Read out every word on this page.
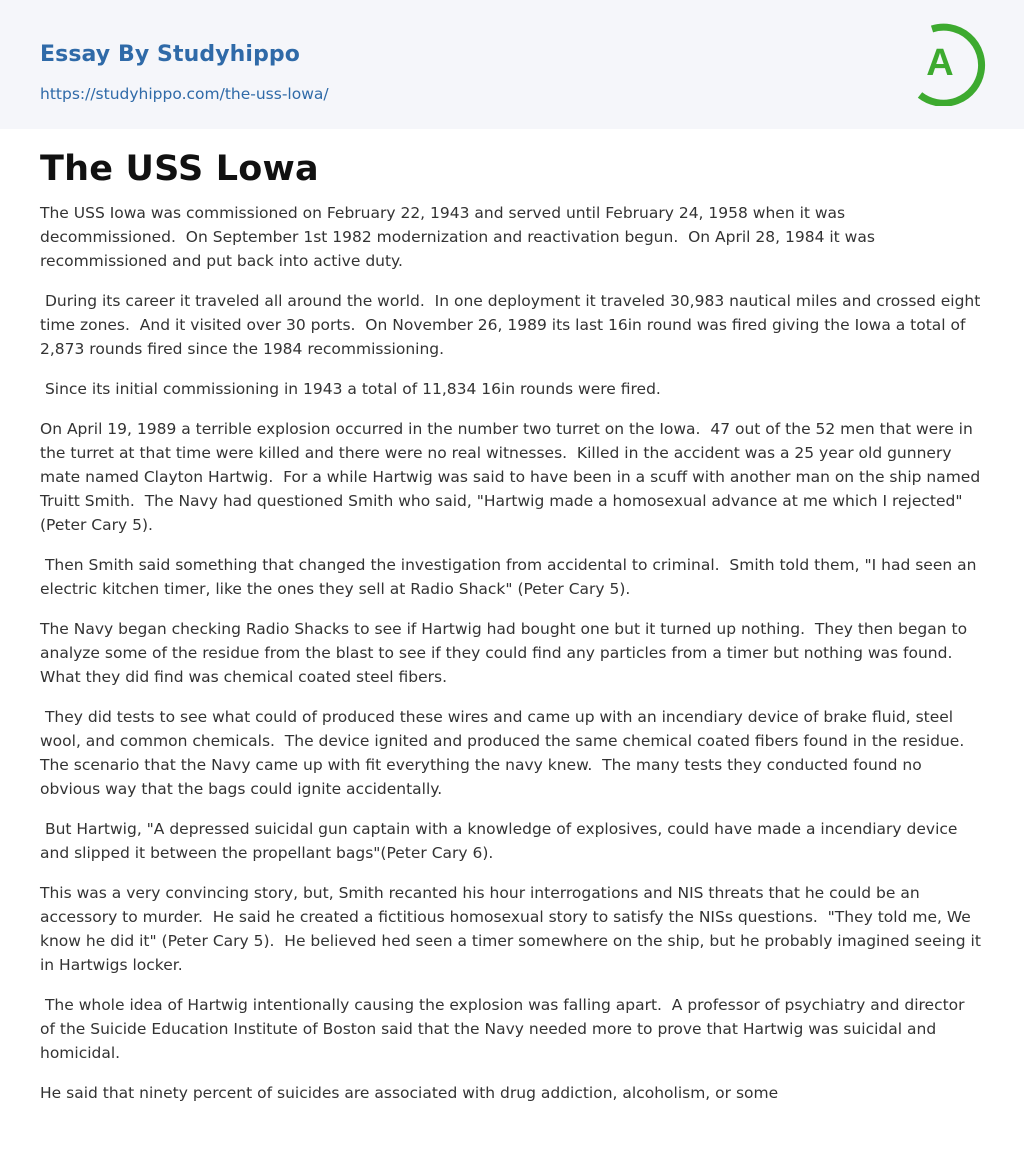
Essay By Studyhippo
https://studyhippo.com/the-uss-lowa/
A
The USS Lowa

The USS Iowa was commissioned on February 22, 1943 and served until February 24, 1958 when it was decommissioned.  On September 1st 1982 modernization and reactivation begun.  On April 28, 1984 it was recommissioned and put back into active duty.

During its career it traveled all around the world.  In one deployment it traveled 30,983 nautical miles and crossed eight time zones.  And it visited over 30 ports.  On November 26, 1989 its last 16in round was fired giving the Iowa a total of 2,873 rounds fired since the 1984 recommissioning.

Since its initial commissioning in 1943 a total of 11,834 16in rounds were fired.

On April 19, 1989 a terrible explosion occurred in the number two turret on the Iowa.  47 out of the 52 men that were in the turret at that time were killed and there were no real witnesses.  Killed in the accident was a 25 year old gunnery mate named Clayton Hartwig.  For a while Hartwig was said to have been in a scuff with another man on the ship named Truitt Smith.  The Navy had questioned Smith who said, "Hartwig made a homosexual advance at me which I rejected"(Peter Cary 5).

Then Smith said something that changed the investigation from accidental to criminal.  Smith told them, "I had seen an electric kitchen timer, like the ones they sell at Radio Shack" (Peter Cary 5).

The Navy began checking Radio Shacks to see if Hartwig had bought one but it turned up nothing.  They then began to analyze some of the residue from the blast to see if they could find any particles from a timer but nothing was found.  What they did find was chemical coated steel fibers.

They did tests to see what could of produced these wires and came up with an incendiary device of brake fluid, steel wool, and common chemicals.  The device ignited and produced the same chemical coated fibers found in the residue.  The scenario that the Navy came up with fit everything the navy knew.  The many tests they conducted found no obvious way that the bags could ignite accidentally.

But Hartwig, "A depressed suicidal gun captain with a knowledge of explosives, could have made a incendiary device and slipped it between the propellant bags"(Peter Cary 6).

This was a very convincing story, but, Smith recanted his hour interrogations and NIS threats that he could be an accessory to murder.  He said he created a fictitious homosexual story to satisfy the NISs questions.  "They told me, We know he did it" (Peter Cary 5).  He believed hed seen a timer somewhere on the ship, but he probably imagined seeing it in Hartwigs locker.

The whole idea of Hartwig intentionally causing the explosion was falling apart.  A professor of psychiatry and director of the Suicide Education Institute of Boston said that the Navy needed more to prove that Hartwig was suicidal and homicidal.

He said that ninety percent of suicides are associated with drug addiction, alcoholism, or some
